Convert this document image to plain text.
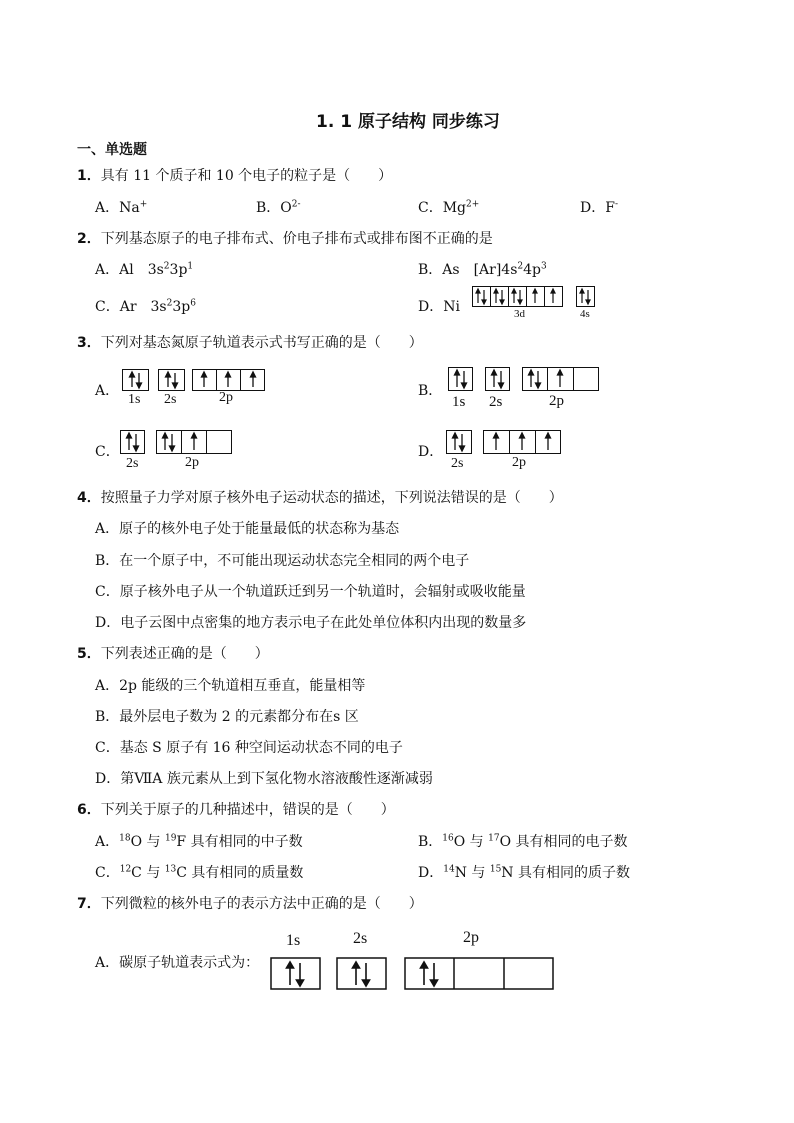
1. 1 原子结构 同步练习
一、单选题
1．具有 11 个质子和 10 个电子的粒子是（　　）
A．Na+	B．$O^{2-}$	C．$Mg^{2+}$	D．F-
2．下列基态原子的电子排布式、价电子排布式或排布图不正确的是
A．Al　$3s^23p^1$	B．As　$[Ar]4s^24p^3$
C．Ar　$3s^23p^6$	D．Ni	3d	4s
3．下列对基态氮原子轨道表示式书写正确的是（　　）
A．
1s 2s	2p	B．
1s 2s	2p
C．
2s	2p
D．
2s	2p
4．按照量子力学对原子核外电子运动状态的描述，下列说法错误的是（　　）
A．原子的核外电子处于能量最低的状态称为基态
B．在一个原子中，不可能出现运动状态完全相同的两个电子
C．原子核外电子从一个轨道跃迁到另一个轨道时，会辐射或吸收能量
D．电子云图中点密集的地方表示电子在此处单位体积内出现的数量多
5．下列表述正确的是（　　）
A．2p 能级的三个轨道相互垂直，能量相等
B．最外层电子数为 2 的元素都分布在s 区
C．基态 S 原子有 16 种空间运动状态不同的电子
D．第ⅦA 族元素从上到下氢化物水溶液酸性逐渐减弱
6．下列关于原子的几种描述中，错误的是（　　）
A．$^{18}$O 与 $^{19}$F 具有相同的中子数	B．$^{16}$O 与 $^{17}$O 具有相同的电子数
C．$^{12}$C 与 $^{13}$C 具有相同的质量数	D．$^{14}$N 与 $^{15}$N 具有相同的质子数
7．下列微粒的核外电子的表示方法中正确的是（　　）
A．碳原子轨道表示式为：
1s	2s	2p
